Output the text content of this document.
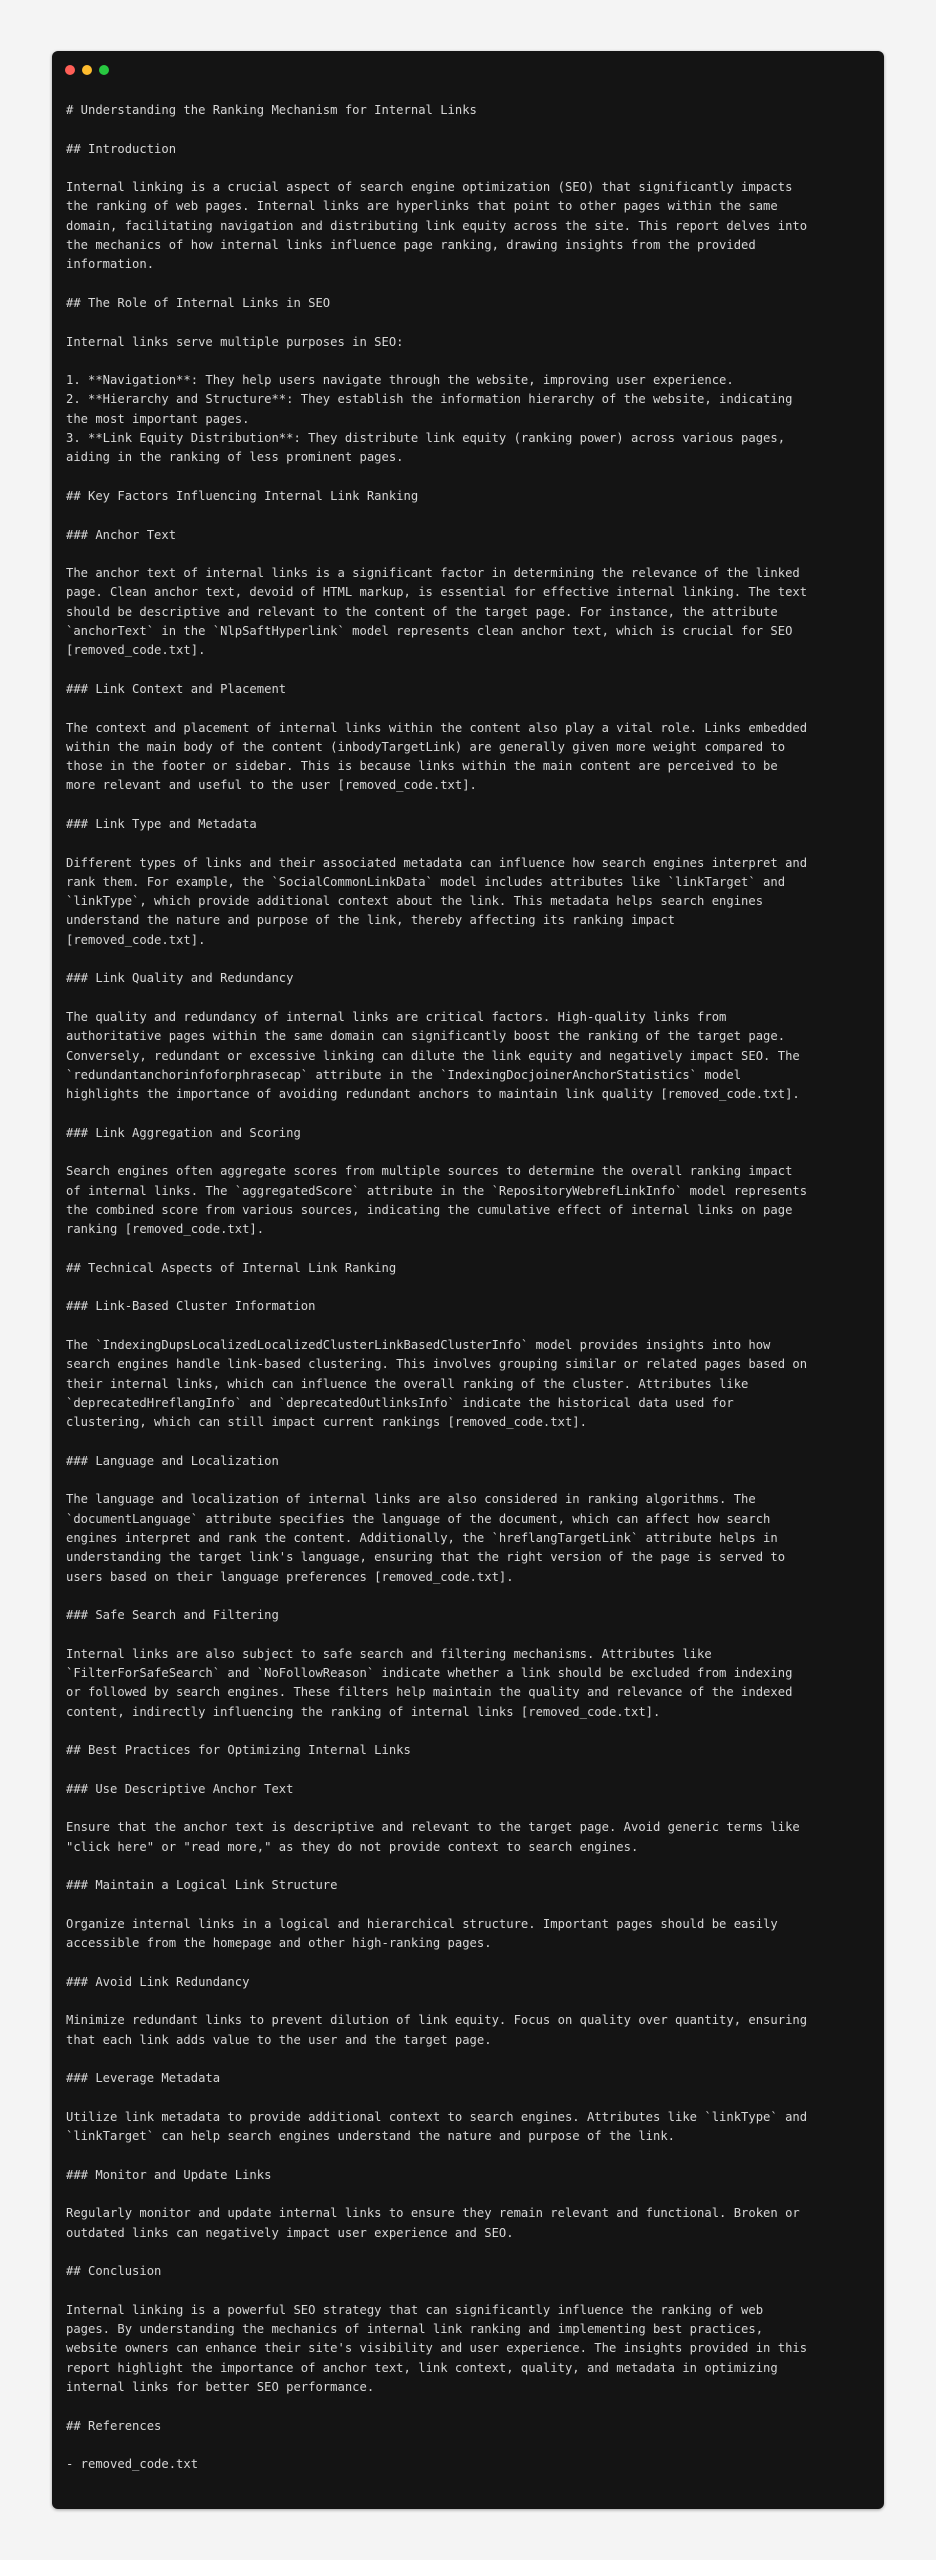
# Understanding the Ranking Mechanism for Internal Links
## Introduction
Internal linking is a crucial aspect of search engine optimization (SEO) that significantly impacts
the ranking of web pages. Internal links are hyperlinks that point to other pages within the same
domain, facilitating navigation and distributing link equity across the site. This report delves into
the mechanics of how internal links influence page ranking, drawing insights from the provided
information.
## The Role of Internal Links in SEO
Internal links serve multiple purposes in SEO:
1. **Navigation**: They help users navigate through the website, improving user experience.
2. **Hierarchy and Structure**: They establish the information hierarchy of the website, indicating
the most important pages.
3. **Link Equity Distribution**: They distribute link equity (ranking power) across various pages,
aiding in the ranking of less prominent pages.
## Key Factors Influencing Internal Link Ranking
### Anchor Text
The anchor text of internal links is a significant factor in determining the relevance of the linked
page. Clean anchor text, devoid of HTML markup, is essential for effective internal linking. The text
should be descriptive and relevant to the content of the target page. For instance, the attribute
`anchorText` in the `NlpSaftHyperlink` model represents clean anchor text, which is crucial for SEO
[removed_code.txt].
### Link Context and Placement
The context and placement of internal links within the content also play a vital role. Links embedded
within the main body of the content (inbodyTargetLink) are generally given more weight compared to
those in the footer or sidebar. This is because links within the main content are perceived to be
more relevant and useful to the user [removed_code.txt].
### Link Type and Metadata
Different types of links and their associated metadata can influence how search engines interpret and
rank them. For example, the `SocialCommonLinkData` model includes attributes like `linkTarget` and
`linkType`, which provide additional context about the link. This metadata helps search engines
understand the nature and purpose of the link, thereby affecting its ranking impact
[removed_code.txt].
### Link Quality and Redundancy
The quality and redundancy of internal links are critical factors. High-quality links from
authoritative pages within the same domain can significantly boost the ranking of the target page.
Conversely, redundant or excessive linking can dilute the link equity and negatively impact SEO. The
`redundantanchorinfoforphrasecap` attribute in the `IndexingDocjoinerAnchorStatistics` model
highlights the importance of avoiding redundant anchors to maintain link quality [removed_code.txt].
### Link Aggregation and Scoring
Search engines often aggregate scores from multiple sources to determine the overall ranking impact
of internal links. The `aggregatedScore` attribute in the `RepositoryWebrefLinkInfo` model represents
the combined score from various sources, indicating the cumulative effect of internal links on page
ranking [removed_code.txt].
## Technical Aspects of Internal Link Ranking
### Link-Based Cluster Information
The `IndexingDupsLocalizedLocalizedClusterLinkBasedClusterInfo` model provides insights into how
search engines handle link-based clustering. This involves grouping similar or related pages based on
their internal links, which can influence the overall ranking of the cluster. Attributes like
`deprecatedHreflangInfo` and `deprecatedOutlinksInfo` indicate the historical data used for
clustering, which can still impact current rankings [removed_code.txt].
### Language and Localization
The language and localization of internal links are also considered in ranking algorithms. The
`documentLanguage` attribute specifies the language of the document, which can affect how search
engines interpret and rank the content. Additionally, the `hreflangTargetLink` attribute helps in
understanding the target link's language, ensuring that the right version of the page is served to
users based on their language preferences [removed_code.txt].
### Safe Search and Filtering
Internal links are also subject to safe search and filtering mechanisms. Attributes like
`FilterForSafeSearch` and `NoFollowReason` indicate whether a link should be excluded from indexing
or followed by search engines. These filters help maintain the quality and relevance of the indexed
content, indirectly influencing the ranking of internal links [removed_code.txt].
## Best Practices for Optimizing Internal Links
### Use Descriptive Anchor Text
Ensure that the anchor text is descriptive and relevant to the target page. Avoid generic terms like
"click here" or "read more," as they do not provide context to search engines.
### Maintain a Logical Link Structure
Organize internal links in a logical and hierarchical structure. Important pages should be easily
accessible from the homepage and other high-ranking pages.
### Avoid Link Redundancy
Minimize redundant links to prevent dilution of link equity. Focus on quality over quantity, ensuring
that each link adds value to the user and the target page.
### Leverage Metadata
Utilize link metadata to provide additional context to search engines. Attributes like `linkType` and
`linkTarget` can help search engines understand the nature and purpose of the link.
### Monitor and Update Links
Regularly monitor and update internal links to ensure they remain relevant and functional. Broken or
outdated links can negatively impact user experience and SEO.
## Conclusion
Internal linking is a powerful SEO strategy that can significantly influence the ranking of web
pages. By understanding the mechanics of internal link ranking and implementing best practices,
website owners can enhance their site's visibility and user experience. The insights provided in this
report highlight the importance of anchor text, link context, quality, and metadata in optimizing
internal links for better SEO performance.
## References
- removed_code.txt
